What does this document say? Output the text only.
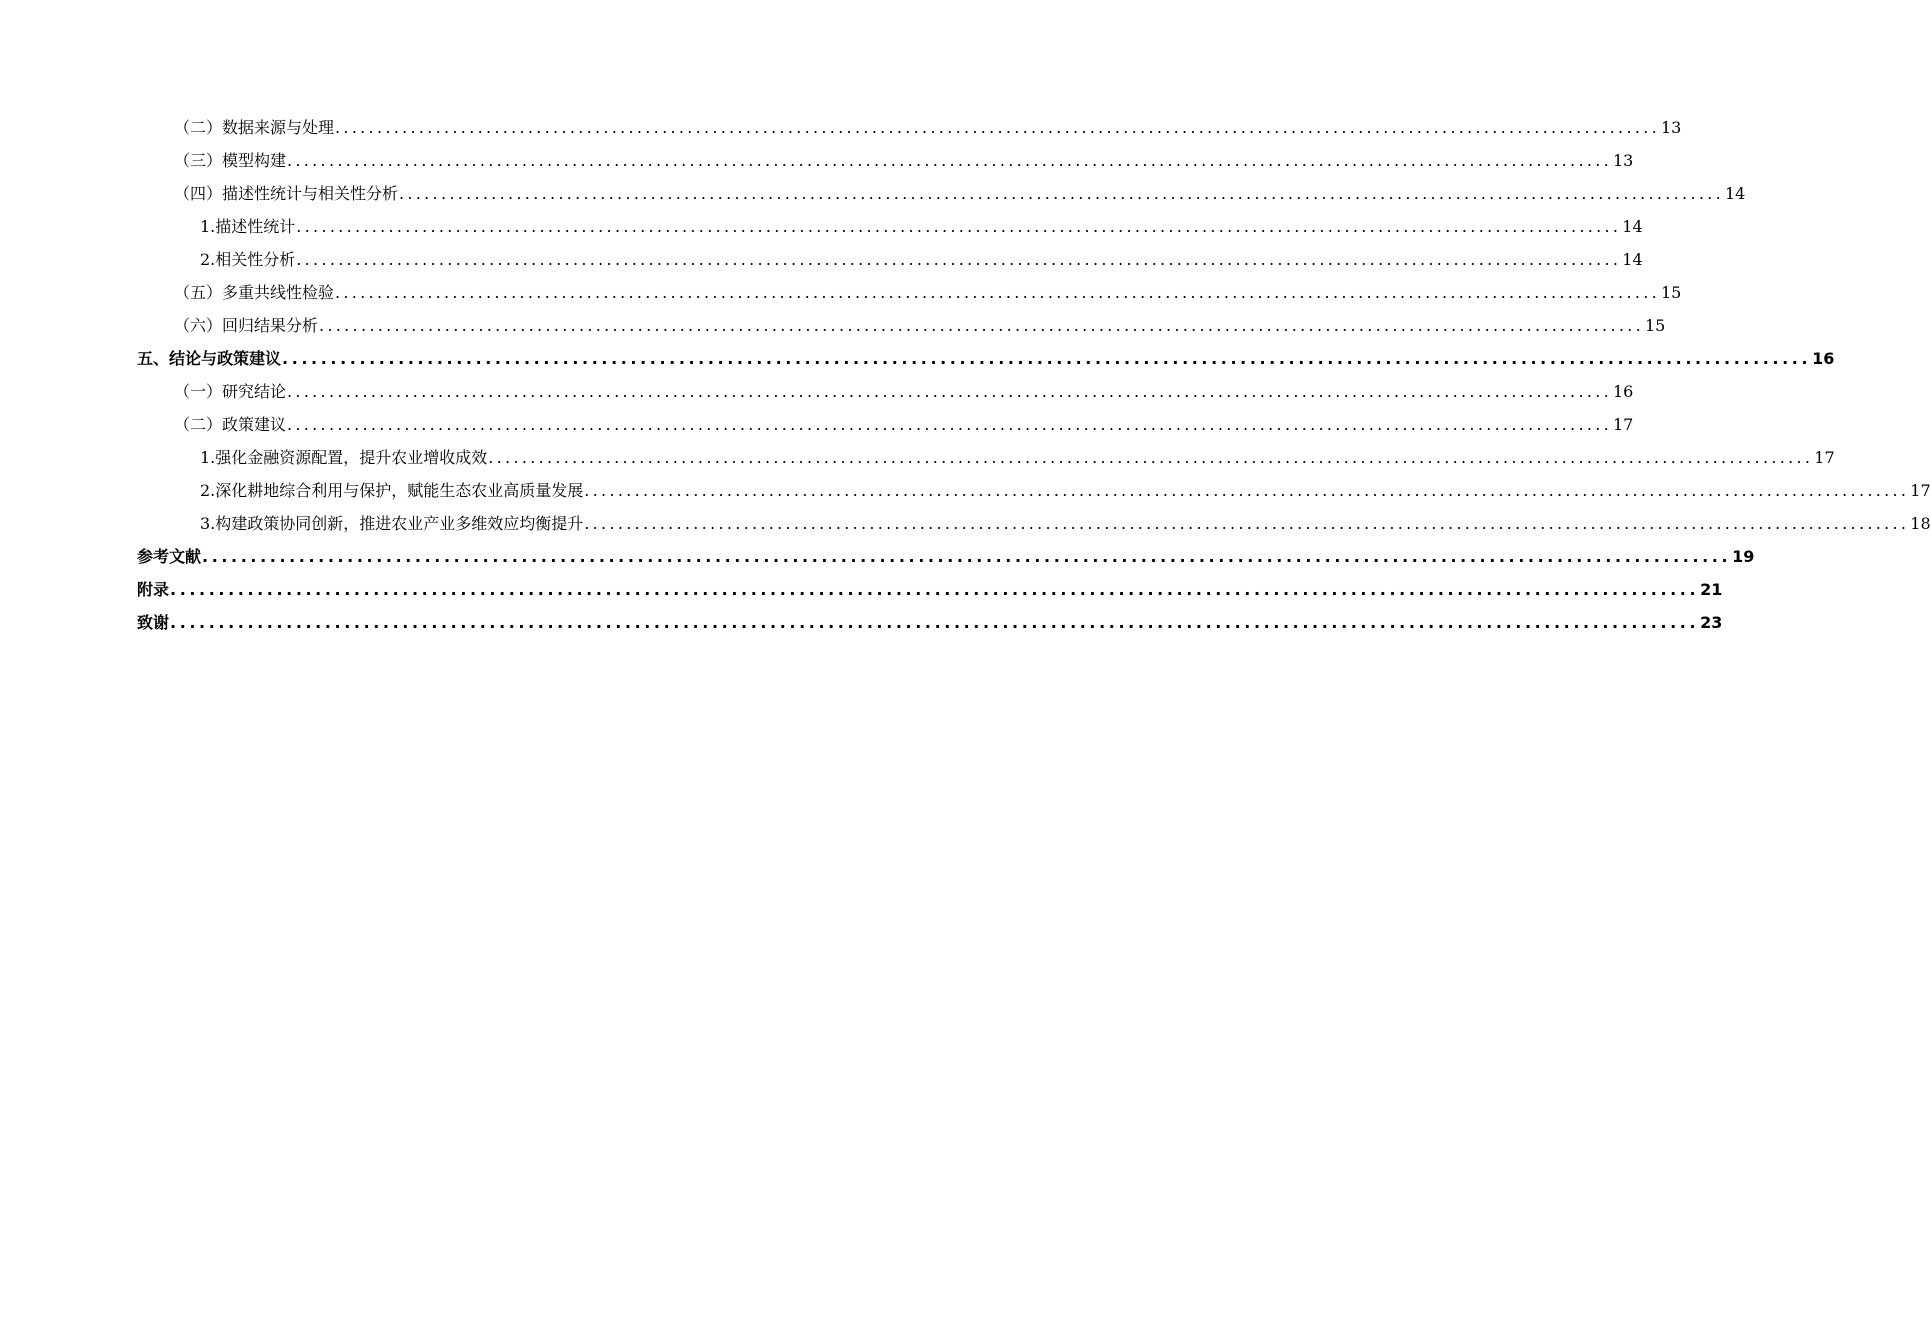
（二）数据来源与处理 .............................................................................................................................................................. 13
（三）模型构建 .............................................................................................................................................................. 13
（四）描述性统计与相关性分析 .............................................................................................................................................................. 14
1.描述性统计 .............................................................................................................................................................. 14
2.相关性分析 .............................................................................................................................................................. 14
（五）多重共线性检验 .............................................................................................................................................................. 15
（六）回归结果分析 .............................................................................................................................................................. 15
五、结论与政策建议 .............................................................................................................................................................. 16
（一）研究结论 .............................................................................................................................................................. 16
（二）政策建议 .............................................................................................................................................................. 17
1.强化金融资源配置，提升农业增收成效 .............................................................................................................................................................. 17
2.深化耕地综合利用与保护，赋能生态农业高质量发展 .............................................................................................................................................................. 17
3.构建政策协同创新，推进农业产业多维效应均衡提升 .............................................................................................................................................................. 18
参考文献 .............................................................................................................................................................. 19
附录 .............................................................................................................................................................. 21
致谢 .............................................................................................................................................................. 23
